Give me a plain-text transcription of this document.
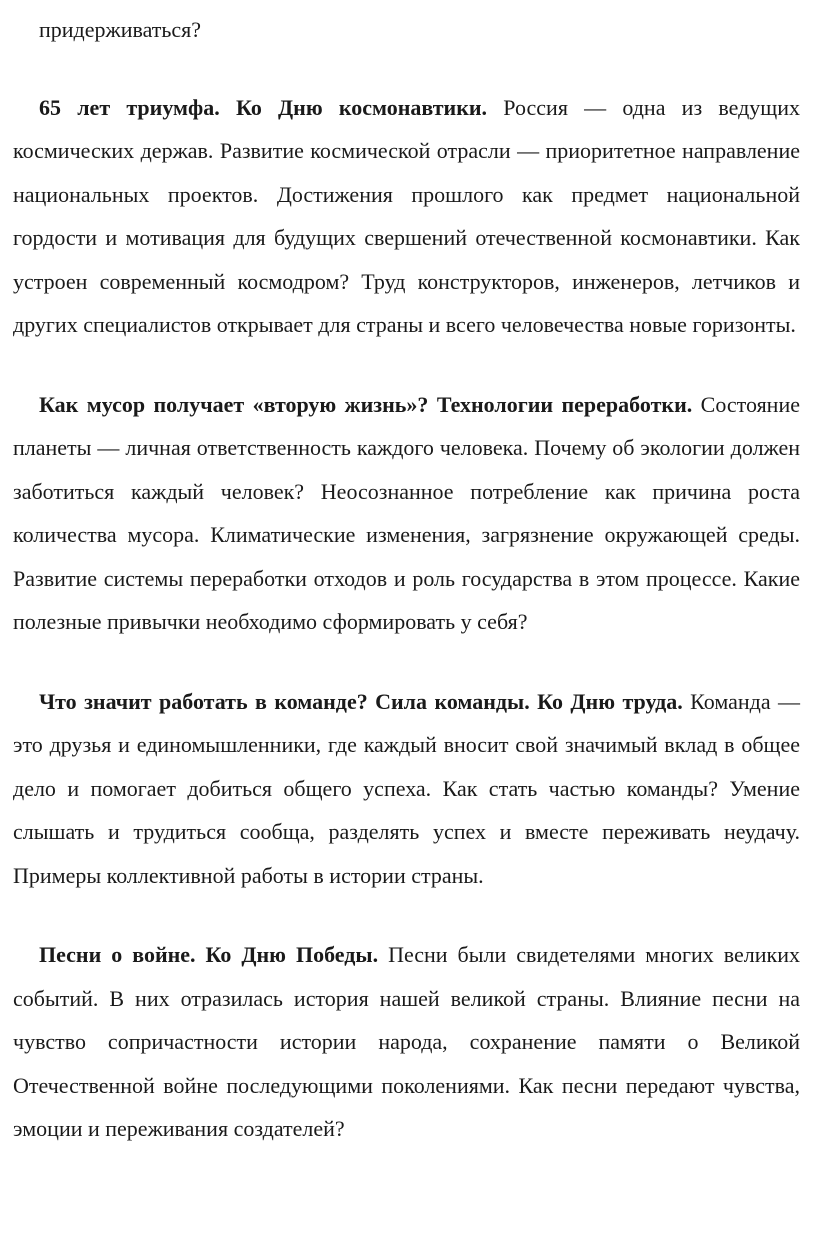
придерживаться?

65 лет триумфа. Ко Дню космонавтики. Россия — одна из ведущих космических держав. Развитие космической отрасли — приоритетное направление национальных проектов. Достижения прошлого как предмет национальной гордости и мотивация для будущих свершений отечественной космонавтики. Как устроен современный космодром? Труд конструкторов, инженеров, летчиков и других специалистов открывает для страны и всего человечества новые горизонты.

Как мусор получает «вторую жизнь»? Технологии переработки. Состояние планеты — личная ответственность каждого человека. Почему об экологии должен заботиться каждый человек? Неосознанное потребление как причина роста количества мусора. Климатические изменения, загрязнение окружающей среды. Развитие системы переработки отходов и роль государства в этом процессе. Какие полезные привычки необходимо сформировать у себя?

Что значит работать в команде? Сила команды. Ко Дню труда. Команда — это друзья и единомышленники, где каждый вносит свой значимый вклад в общее дело и помогает добиться общего успеха. Как стать частью команды? Умение слышать и трудиться сообща, разделять успех и вместе переживать неудачу. Примеры коллективной работы в истории страны.

Песни о войне. Ко Дню Победы. Песни были свидетелями многих великих событий. В них отразилась история нашей великой страны. Влияние песни на чувство сопричастности истории народа, сохранение памяти о Великой Отечественной войне последующими поколениями. Как песни передают чувства, эмоции и переживания создателей?
